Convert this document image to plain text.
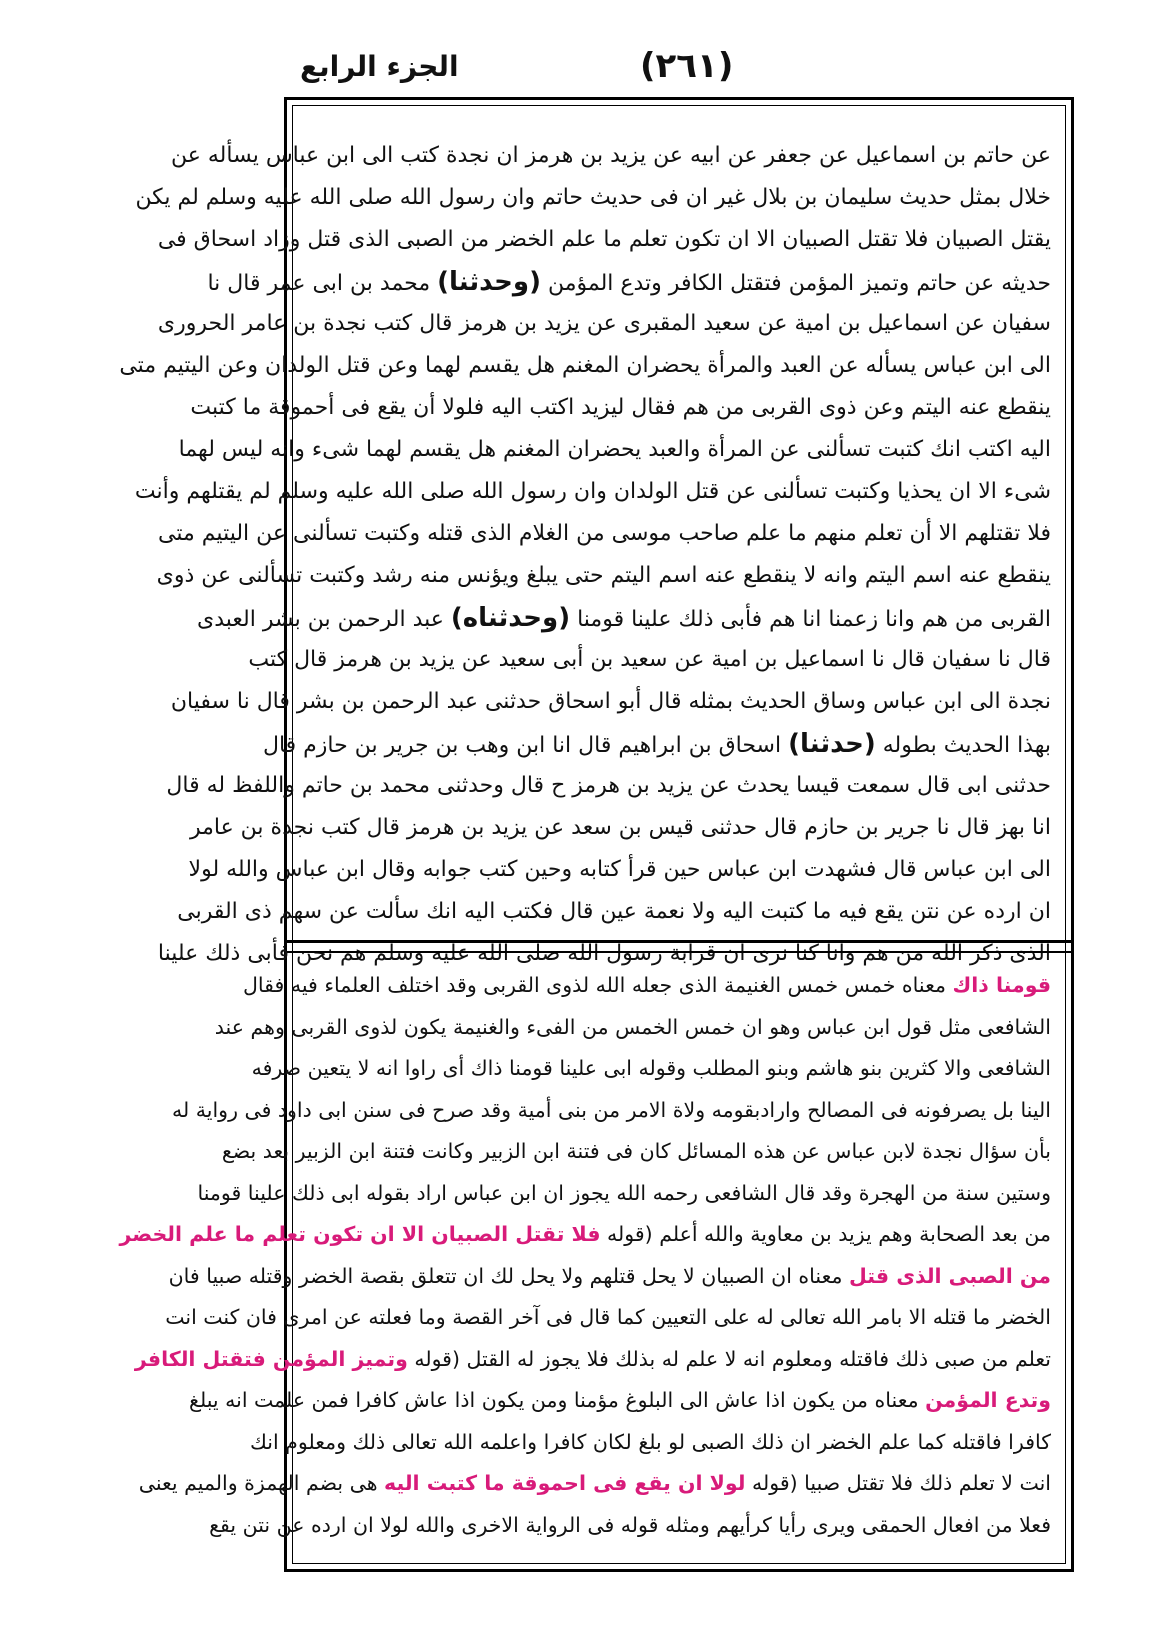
(٢٦١)
الجزء الرابع
عن حاتم بن اسماعيل عن جعفر عن ابيه عن يزيد بن هرمز ان نجدة كتب الى ابن عباس يسأله عن
خلال بمثل حديث سليمان بن بلال غير ان فى حديث حاتم وان رسول الله صلى الله عليه وسلم لم يكن
يقتل الصبيان فلا تقتل الصبيان الا ان تكون تعلم ما علم الخضر من الصبى الذى قتل وزاد اسحاق فى
حديثه عن حاتم وتميز المؤمن فتقتل الكافر وتدع المؤمن (وحدثنا) محمد بن ابى عمر قال نا
سفيان عن اسماعيل بن امية عن سعيد المقبرى عن يزيد بن هرمز قال كتب نجدة بن عامر الحرورى
الى ابن عباس يسأله عن العبد والمرأة يحضران المغنم هل يقسم لهما وعن قتل الولدان وعن اليتيم متى
ينقطع عنه اليتم وعن ذوى القربى من هم فقال ليزيد اكتب اليه فلولا أن يقع فى أحموقة ما كتبت
اليه اكتب انك كتبت تسألنى عن المرأة والعبد يحضران المغنم هل يقسم لهما شىء وانه ليس لهما
شىء الا ان يحذيا وكتبت تسألنى عن قتل الولدان وان رسول الله صلى الله عليه وسلم لم يقتلهم وأنت
فلا تقتلهم الا أن تعلم منهم ما علم صاحب موسى من الغلام الذى قتله وكتبت تسألنى عن اليتيم متى
ينقطع عنه اسم اليتم وانه لا ينقطع عنه اسم اليتم حتى يبلغ ويؤنس منه رشد وكتبت تسألنى عن ذوى
القربى من هم وانا زعمنا انا هم فأبى ذلك علينا قومنا (وحدثناه) عبد الرحمن بن بشر العبدى
قال نا سفيان قال نا اسماعيل بن امية عن سعيد بن أبى سعيد عن يزيد بن هرمز قال كتب
نجدة الى ابن عباس وساق الحديث بمثله قال أبو اسحاق حدثنى عبد الرحمن بن بشر قال نا سفيان
بهذا الحديث بطوله (حدثنا) اسحاق بن ابراهيم قال انا ابن وهب بن جرير بن حازم قال
حدثنى ابى قال سمعت قيسا يحدث عن يزيد بن هرمز ح قال وحدثنى محمد بن حاتم واللفظ له قال
انا بهز قال نا جرير بن حازم قال حدثنى قيس بن سعد عن يزيد بن هرمز قال كتب نجدة بن عامر
الى ابن عباس قال فشهدت ابن عباس حين قرأ كتابه وحين كتب جوابه وقال ابن عباس والله لولا
ان ارده عن نتن يقع فيه ما كتبت اليه ولا نعمة عين قال فكتب اليه انك سألت عن سهم ذى القربى
الذى ذكر الله من هم وانا كنا نرى ان قرابة رسول الله صلى الله عليه وسلم هم نحن فأبى ذلك علينا
قومنا ذاك معناه خمس خمس الغنيمة الذى جعله الله لذوى القربى وقد اختلف العلماء فيه فقال
الشافعى مثل قول ابن عباس وهو ان خمس الخمس من الفىء والغنيمة يكون لذوى القربى وهم عند
الشافعى والا كثرين بنو هاشم وبنو المطلب وقوله ابى علينا قومنا ذاك أى راوا انه لا يتعين صرفه
الينا بل يصرفونه فى المصالح وارادبقومه ولاة الامر من بنى أمية وقد صرح فى سنن ابى داود فى رواية له
بأن سؤال نجدة لابن عباس عن هذه المسائل كان فى فتنة ابن الزبير وكانت فتنة ابن الزبير بعد بضع
وستين سنة من الهجرة وقد قال الشافعى رحمه الله يجوز ان ابن عباس اراد بقوله ابى ذلك علينا قومنا
من بعد الصحابة وهم يزيد بن معاوية والله أعلم (قوله فلا تقتل الصبيان الا ان تكون تعلم ما علم الخضر
من الصبى الذى قتل معناه ان الصبيان لا يحل قتلهم ولا يحل لك ان تتعلق بقصة الخضر وقتله صبيا فان
الخضر ما قتله الا بامر الله تعالى له على التعيين كما قال فى آخر القصة وما فعلته عن امرى فان كنت انت
تعلم من صبى ذلك فاقتله ومعلوم انه لا علم له بذلك فلا يجوز له القتل (قوله وتميز المؤمن فتقتل الكافر
وتدع المؤمن معناه من يكون اذا عاش الى البلوغ مؤمنا ومن يكون اذا عاش كافرا فمن علمت انه يبلغ
كافرا فاقتله كما علم الخضر ان ذلك الصبى لو بلغ لكان كافرا واعلمه الله تعالى ذلك ومعلوم انك
انت لا تعلم ذلك فلا تقتل صبيا (قوله لولا ان يقع فى احموقة ما كتبت اليه هى بضم الهمزة والميم يعنى
فعلا من افعال الحمقى ويرى رأيا كرأيهم ومثله قوله فى الرواية الاخرى والله لولا ان ارده عن نتن يقع
